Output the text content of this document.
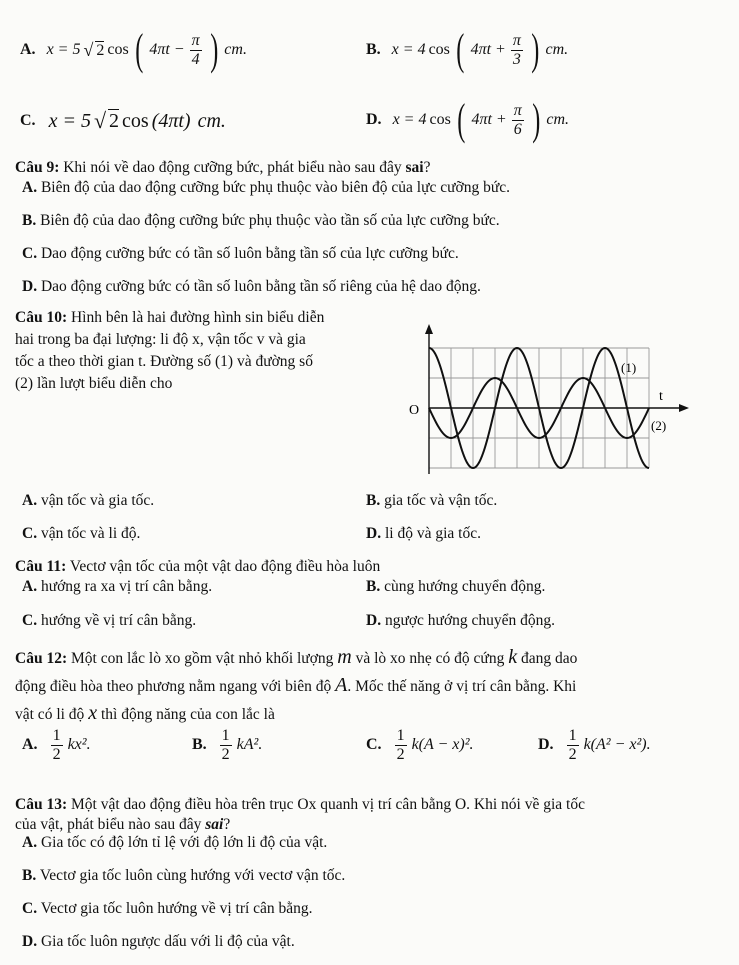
A. x = 5 √ 2 cos ( $4\pi t - \frac{\pi}{4}$ ) cm.	B. x = 4 cos ( $4\pi t + \frac{\pi}{3}$ ) cm.
C. x = 5 √ 2 cos (4πt) cm.	D. x = 4 cos ( $4\pi t + \frac{\pi}{6}$ ) cm.
Câu 9: Khi nói về dao động cưỡng bức, phát biểu nào sau đây sai?
A. Biên độ của dao động cưỡng bức phụ thuộc vào biên độ của lực cưỡng bức.
B. Biên độ của dao động cưỡng bức phụ thuộc vào tần số của lực cưỡng bức.
C. Dao động cưỡng bức có tần số luôn bằng tần số của lực cưỡng bức.
D. Dao động cưỡng bức có tần số luôn bằng tần số riêng của hệ dao động.
Câu 10: Hình bên là hai đường hình sin biểu diễn
hai trong ba đại lượng: li độ x, vận tốc v và gia
tốc a theo thời gian t. Đường số (1) và đường số
(2) lần lượt biểu diễn cho
O
t
(1)
(2)
A. vận tốc và gia tốc.	B. gia tốc và vận tốc.
C. vận tốc và li độ.	D. li độ và gia tốc.
Câu 11: Vectơ vận tốc của một vật dao động điều hòa luôn
A. hướng ra xa vị trí cân bằng.	B. cùng hướng chuyển động.
C. hướng về vị trí cân bằng.	D. ngược hướng chuyển động.
Câu 12: Một con lắc lò xo gồm vật nhỏ khối lượng m và lò xo nhẹ có độ cứng k đang dao
động điều hòa theo phương nằm ngang với biên độ A. Mốc thế năng ở vị trí cân bằng. Khi
vật có li độ x thì động năng của con lắc là
A. $\frac{1}{2} kx^2$.	B. $\frac{1}{2} kA^2$.	C. $\frac{1}{2} k(A - x)^2$.	D. $\frac{1}{2} k(A^2 - x^2)$.
Câu 13: Một vật dao động điều hòa trên trục Ox quanh vị trí cân bằng O. Khi nói về gia tốc
của vật, phát biểu nào sau đây sai?
A. Gia tốc có độ lớn tỉ lệ với độ lớn li độ của vật.
B. Vectơ gia tốc luôn cùng hướng với vectơ vận tốc.
C. Vectơ gia tốc luôn hướng về vị trí cân bằng.
D. Gia tốc luôn ngược dấu với li độ của vật.
